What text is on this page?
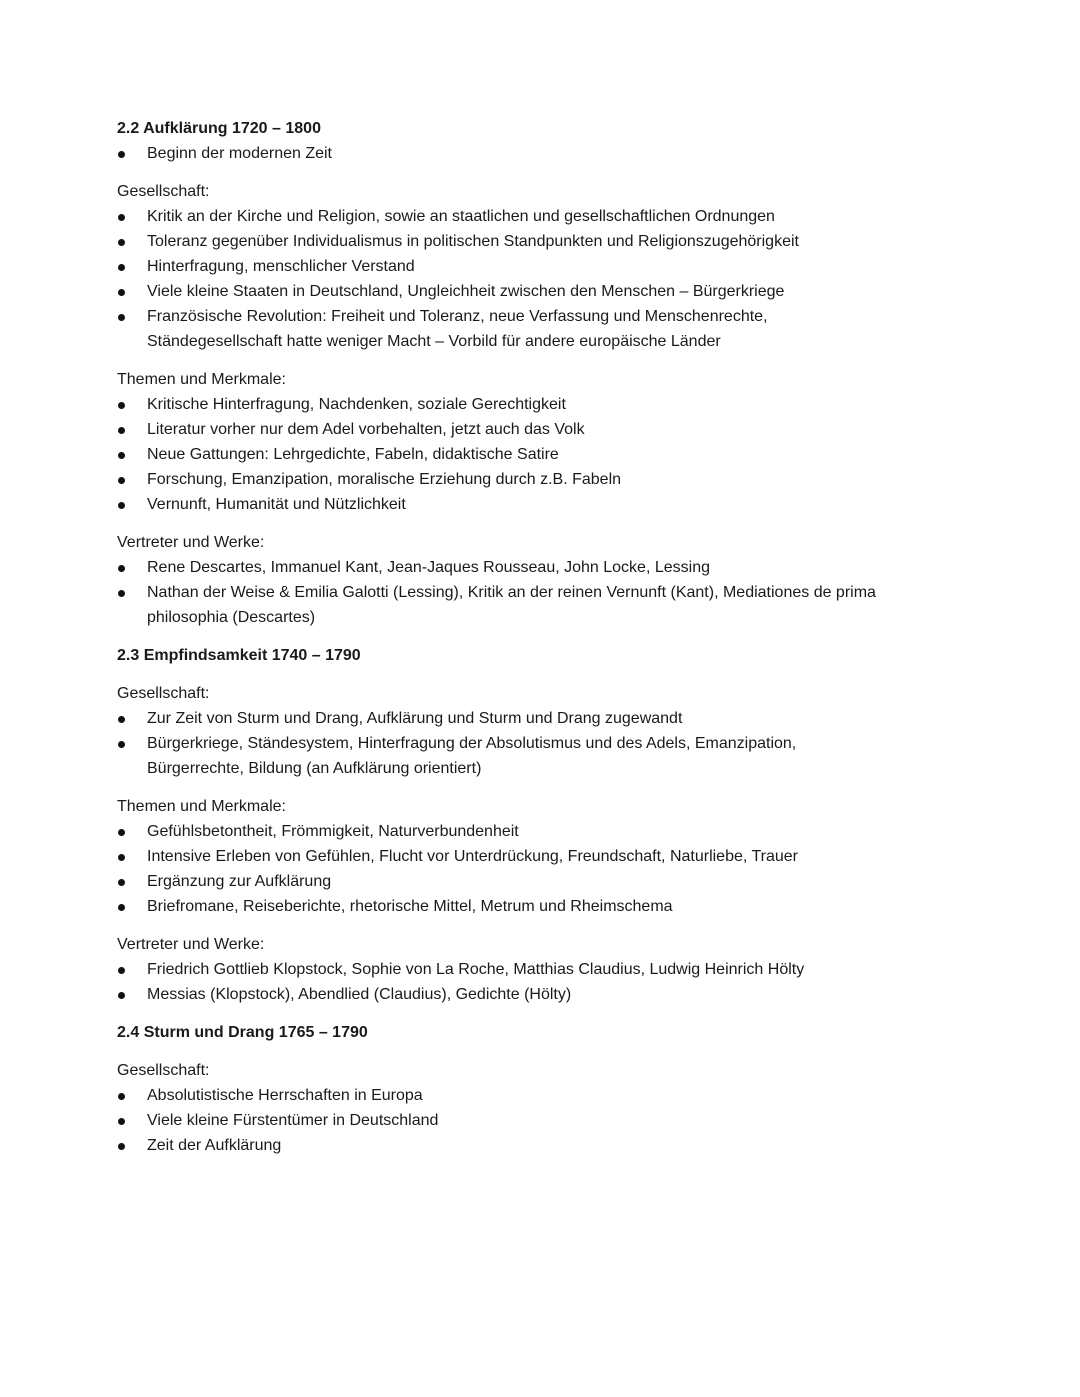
2.2 Aufklärung 1720 – 1800

Beginn der modernen Zeit

Gesellschaft:

Kritik an der Kirche und Religion, sowie an staatlichen und gesellschaftlichen Ordnungen
Toleranz gegenüber Individualismus in politischen Standpunkten und Religionszugehörigkeit
Hinterfragung, menschlicher Verstand
Viele kleine Staaten in Deutschland, Ungleichheit zwischen den Menschen – Bürgerkriege
Französische Revolution: Freiheit und Toleranz, neue Verfassung und Menschenrechte, Ständegesellschaft hatte weniger Macht – Vorbild für andere europäische Länder

Themen und Merkmale:

Kritische Hinterfragung, Nachdenken, soziale Gerechtigkeit
Literatur vorher nur dem Adel vorbehalten, jetzt auch das Volk
Neue Gattungen: Lehrgedichte, Fabeln, didaktische Satire
Forschung, Emanzipation, moralische Erziehung durch z.B. Fabeln
Vernunft, Humanität und Nützlichkeit

Vertreter und Werke:

Rene Descartes, Immanuel Kant, Jean-Jaques Rousseau, John Locke, Lessing
Nathan der Weise & Emilia Galotti (Lessing), Kritik an der reinen Vernunft (Kant), Mediationes de prima philosophia (Descartes)

2.3 Empfindsamkeit 1740 – 1790

Gesellschaft:

Zur Zeit von Sturm und Drang, Aufklärung und Sturm und Drang zugewandt
Bürgerkriege, Ständesystem, Hinterfragung der Absolutismus und des Adels, Emanzipation, Bürgerrechte, Bildung (an Aufklärung orientiert)

Themen und Merkmale:

Gefühlsbetontheit, Frömmigkeit, Naturverbundenheit
Intensive Erleben von Gefühlen, Flucht vor Unterdrückung, Freundschaft, Naturliebe, Trauer
Ergänzung zur Aufklärung
Briefromane, Reiseberichte, rhetorische Mittel, Metrum und Rheimschema

Vertreter und Werke:

Friedrich Gottlieb Klopstock, Sophie von La Roche, Matthias Claudius, Ludwig Heinrich Hölty
Messias (Klopstock), Abendlied (Claudius), Gedichte (Hölty)

2.4 Sturm und Drang 1765 – 1790

Gesellschaft:

Absolutistische Herrschaften in Europa
Viele kleine Fürstentümer in Deutschland
Zeit der Aufklärung
